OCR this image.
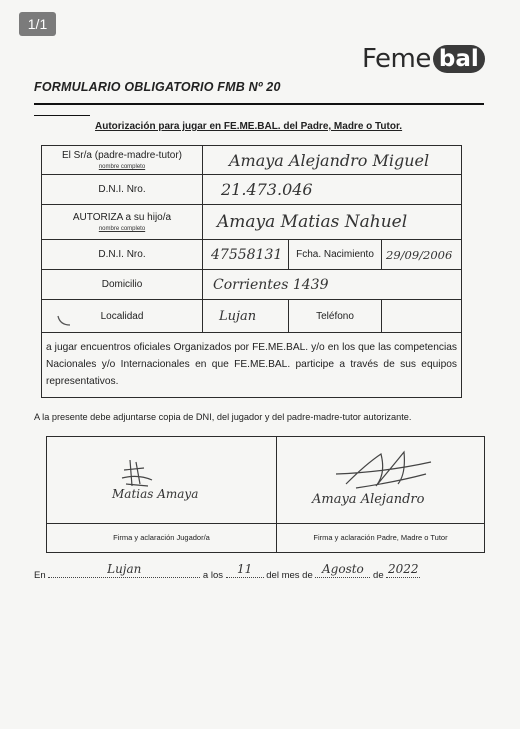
1/1
Feme bal
FORMULARIO OBLIGATORIO FMB Nº 20
Autorización para jugar en FE.ME.BAL. del Padre, Madre o Tutor.
El Sr/a (padre-madre-tutor)
nombre completo	Amaya Alejandro Miguel
D.N.I. Nro.	21.473.046
AUTORIZA a su hijo/a
nombre completo	Amaya Matias Nahuel
D.N.I. Nro.	47558131	Fcha. Nacimiento	29/09/2006
Domicilio	Corrientes 1439
Localidad	Lujan	Teléfono
a jugar encuentros oficiales Organizados por FE.ME.BAL. y/o en los que las competencias Nacionales y/o Internacionales en que FE.ME.BAL. participe a través de sus equipos representativos.
A la presente debe adjuntarse copia de DNI, del jugador y del padre-madre-tutor autorizante.
Matias Amaya	Amaya Alejandro
Firma y aclaración Jugador/a	Firma y aclaración Padre, Madre o Tutor
En	Lujan	a los	11	del mes de Agosto de 2022
